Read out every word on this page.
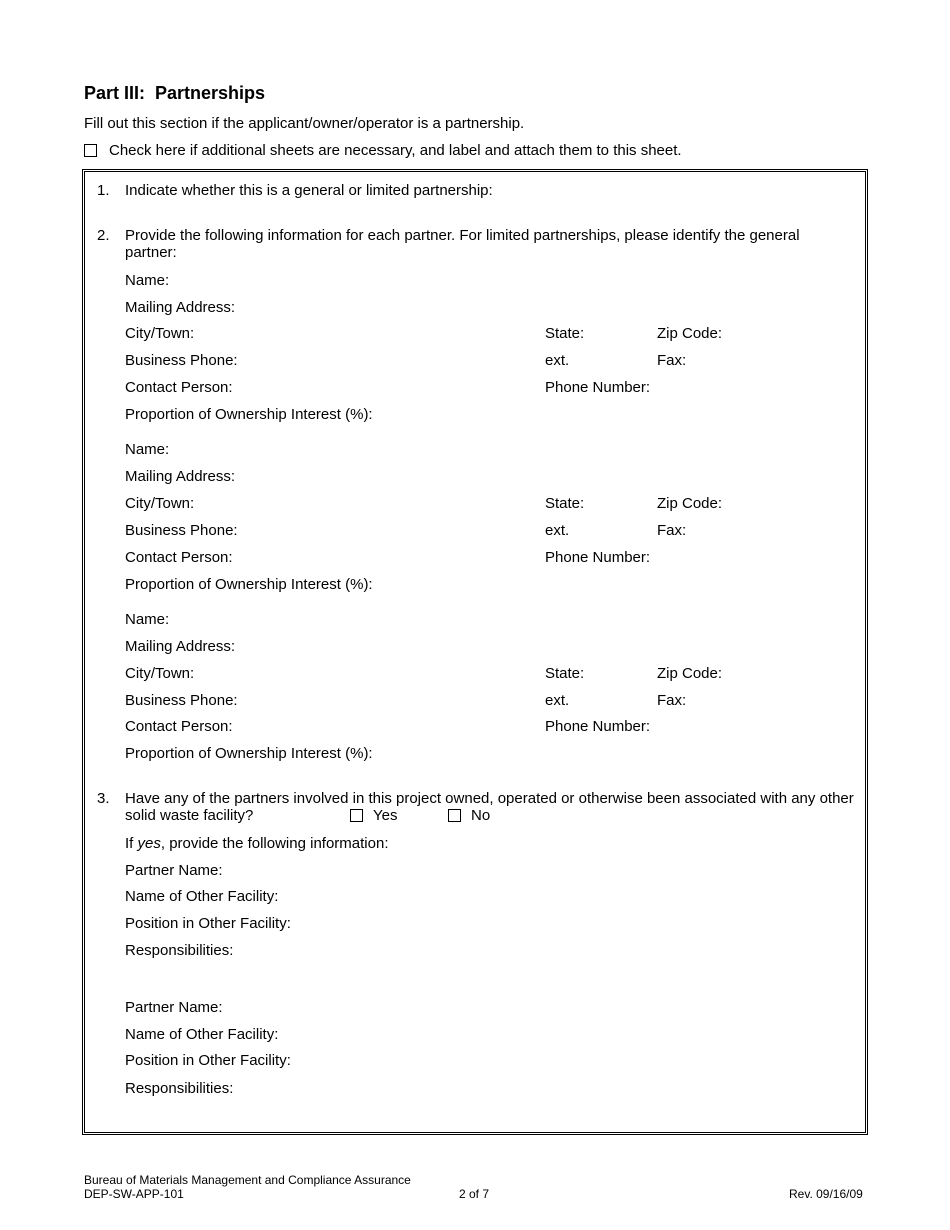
Part III:  Partnerships
Fill out this section if the applicant/owner/operator is a partnership.
Check here if additional sheets are necessary, and label and attach them to this sheet.
1. Indicate whether this is a general or limited partnership:
2. Provide the following information for each partner. For limited partnerships, please identify the general partner:
Name:
Mailing Address:
City/Town:	State:	Zip Code:
Business Phone:	ext.	Fax:
Contact Person:	Phone Number:
Proportion of Ownership Interest (%):
Name:
Mailing Address:
City/Town:	State:	Zip Code:
Business Phone:	ext.	Fax:
Contact Person:	Phone Number:
Proportion of Ownership Interest (%):
Name:
Mailing Address:
City/Town:	State:	Zip Code:
Business Phone:	ext.	Fax:
Contact Person:	Phone Number:
Proportion of Ownership Interest (%):
3. Have any of the partners involved in this project owned, operated or otherwise been associated with any other solid waste facility?	Yes	No
If yes, provide the following information:
Partner Name:
Name of Other Facility:
Position in Other Facility:
Responsibilities:
Partner Name:
Name of Other Facility:
Position in Other Facility:
Responsibilities:
Bureau of Materials Management and Compliance Assurance
DEP-SW-APP-101	2 of 7	Rev. 09/16/09
